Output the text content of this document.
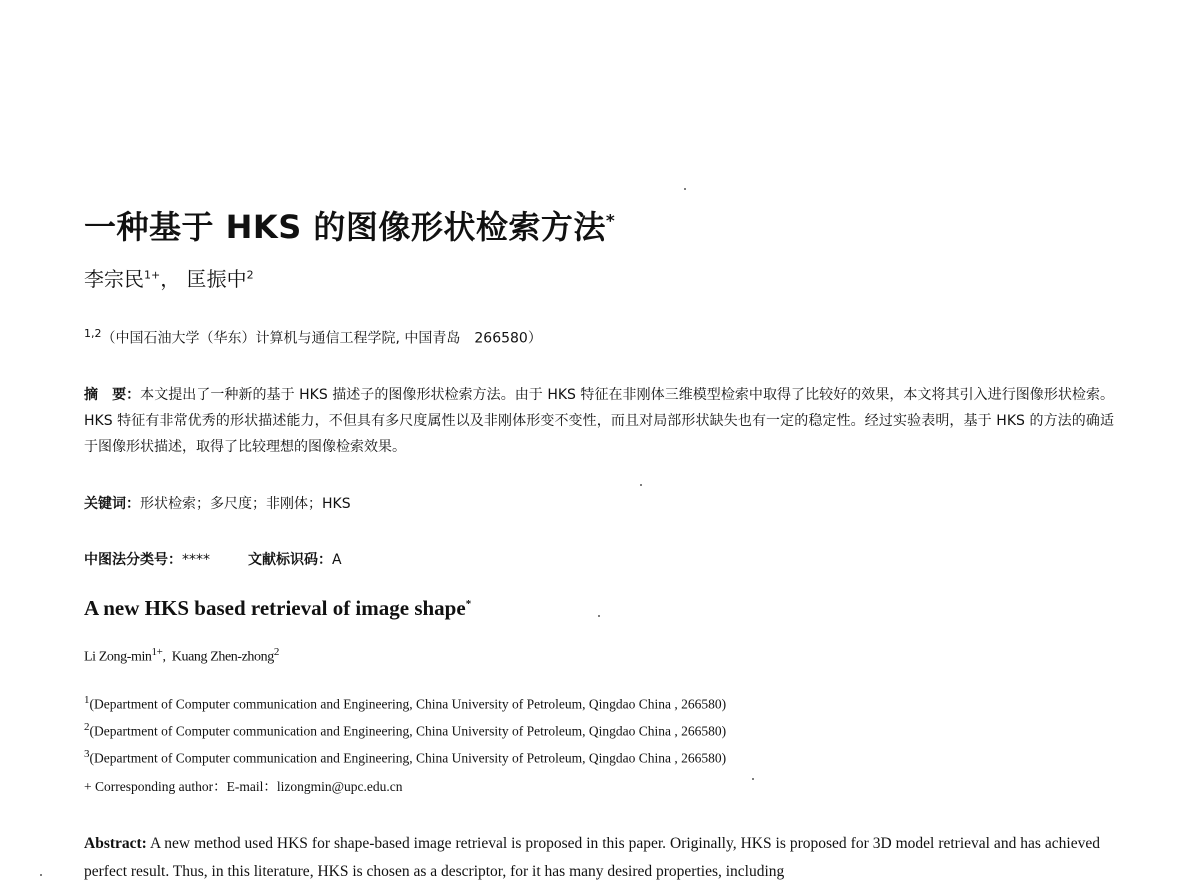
一种基于 HKS 的图像形状检索方法*
李宗民$^{1+}$， 匡振中$^2$
$^{1,2}$（中国石油大学（华东）计算机与通信工程学院, 中国青岛　266580）
摘　要：本文提出了一种新的基于 HKS 描述子的图像形状检索方法。由于 HKS 特征在非刚体三维模型检索中取得了比较好的效果，本文将其引入进行图像形状检索。HKS 特征有非常优秀的形状描述能力，不但具有多尺度属性以及非刚体形变不变性，而且对局部形状缺失也有一定的稳定性。经过实验表明，基于 HKS 的方法的确适于图像形状描述，取得了比较理想的图像检索效果。
关键词：形状检索；多尺度；非刚体；HKS
中图法分类号：****	文献标识码：A
A new HKS based retrieval of image shape*
Li Zong-$\min^{1+}$, Kuang Zhen-zhong$^2$
$^1$(Department of Computer communication and Engineering, China University of Petroleum, Qingdao China , 266580)
$^2$(Department of Computer communication and Engineering, China University of Petroleum, Qingdao China , 266580)
$^3$(Department of Computer communication and Engineering, China University of Petroleum, Qingdao China , 266580)
+ Corresponding author：E-mail：lizongmin@upc.edu.cn
Abstract: A new method used HKS for shape-based image retrieval is proposed in this paper. Originally, HKS is proposed for 3D model retrieval and has achieved perfect result. Thus, in this literature, HKS is chosen as a descriptor, for it has many desired properties, including
